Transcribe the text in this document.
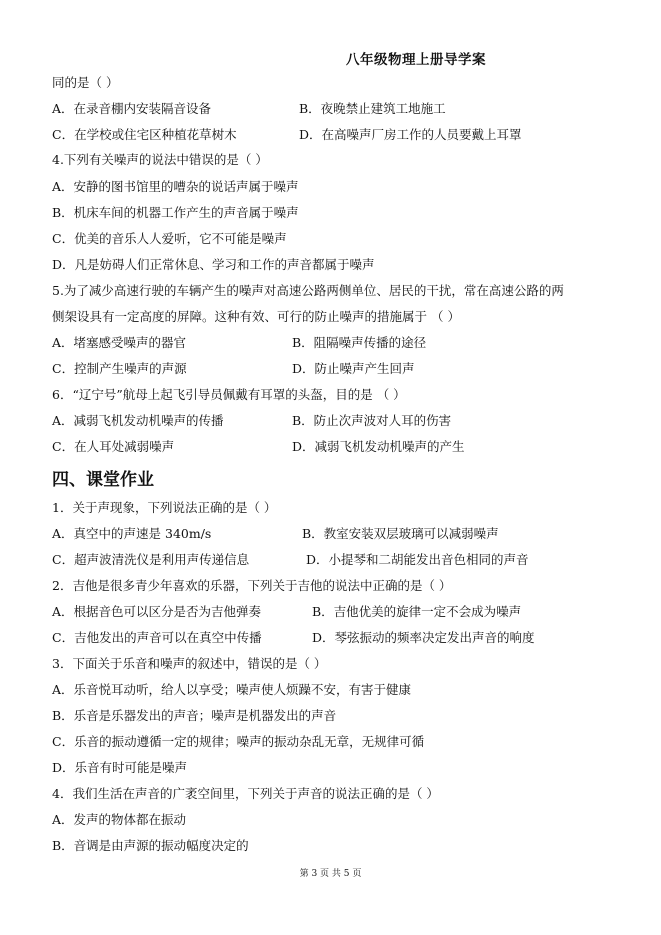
八年级物理上册导学案
同的是（ ）
A．在录音棚内安装隔音设备	B．夜晚禁止建筑工地施工
C．在学校或住宅区种植花草树木	D．在高噪声厂房工作的人员要戴上耳罩
4.下列有关噪声的说法中错误的是（ ）
A．安静的图书馆里的嘈杂的说话声属于噪声
B．机床车间的机器工作产生的声音属于噪声
C．优美的音乐人人爱听，它不可能是噪声
D．凡是妨碍人们正常休息、学习和工作的声音都属于噪声
5.为了减少高速行驶的车辆产生的噪声对高速公路两侧单位、居民的干扰，常在高速公路的两
侧架设具有一定高度的屏障。这种有效、可行的防止噪声的措施属于 （ ）
A．堵塞感受噪声的器官	B．阻隔噪声传播的途径
C．控制产生噪声的声源	D．防止噪声产生回声
6．“辽宁号”航母上起飞引导员佩戴有耳罩的头盔，目的是 （ ）
A．减弱飞机发动机噪声的传播	B．防止次声波对人耳的伤害
C．在人耳处减弱噪声	D．减弱飞机发动机噪声的产生
四、课堂作业
1．关于声现象，下列说法正确的是（ ）
A．真空中的声速是 340m/s	B．教室安装双层玻璃可以减弱噪声
C．超声波清洗仪是利用声传递信息	D．小提琴和二胡能发出音色相同的声音
2．吉他是很多青少年喜欢的乐器，下列关于吉他的说法中正确的是（ ）
A．根据音色可以区分是否为吉他弹奏	B．吉他优美的旋律一定不会成为噪声
C．吉他发出的声音可以在真空中传播	D．琴弦振动的频率决定发出声音的响度
3．下面关于乐音和噪声的叙述中，错误的是（ ）
A．乐音悦耳动听，给人以享受；噪声使人烦躁不安，有害于健康
B．乐音是乐器发出的声音；噪声是机器发出的声音
C．乐音的振动遵循一定的规律；噪声的振动杂乱无章，无规律可循
D．乐音有时可能是噪声
4．我们生活在声音的广袤空间里，下列关于声音的说法正确的是（ ）
A．发声的物体都在振动
B．音调是由声源的振动幅度决定的
第 3 页 共 5 页
